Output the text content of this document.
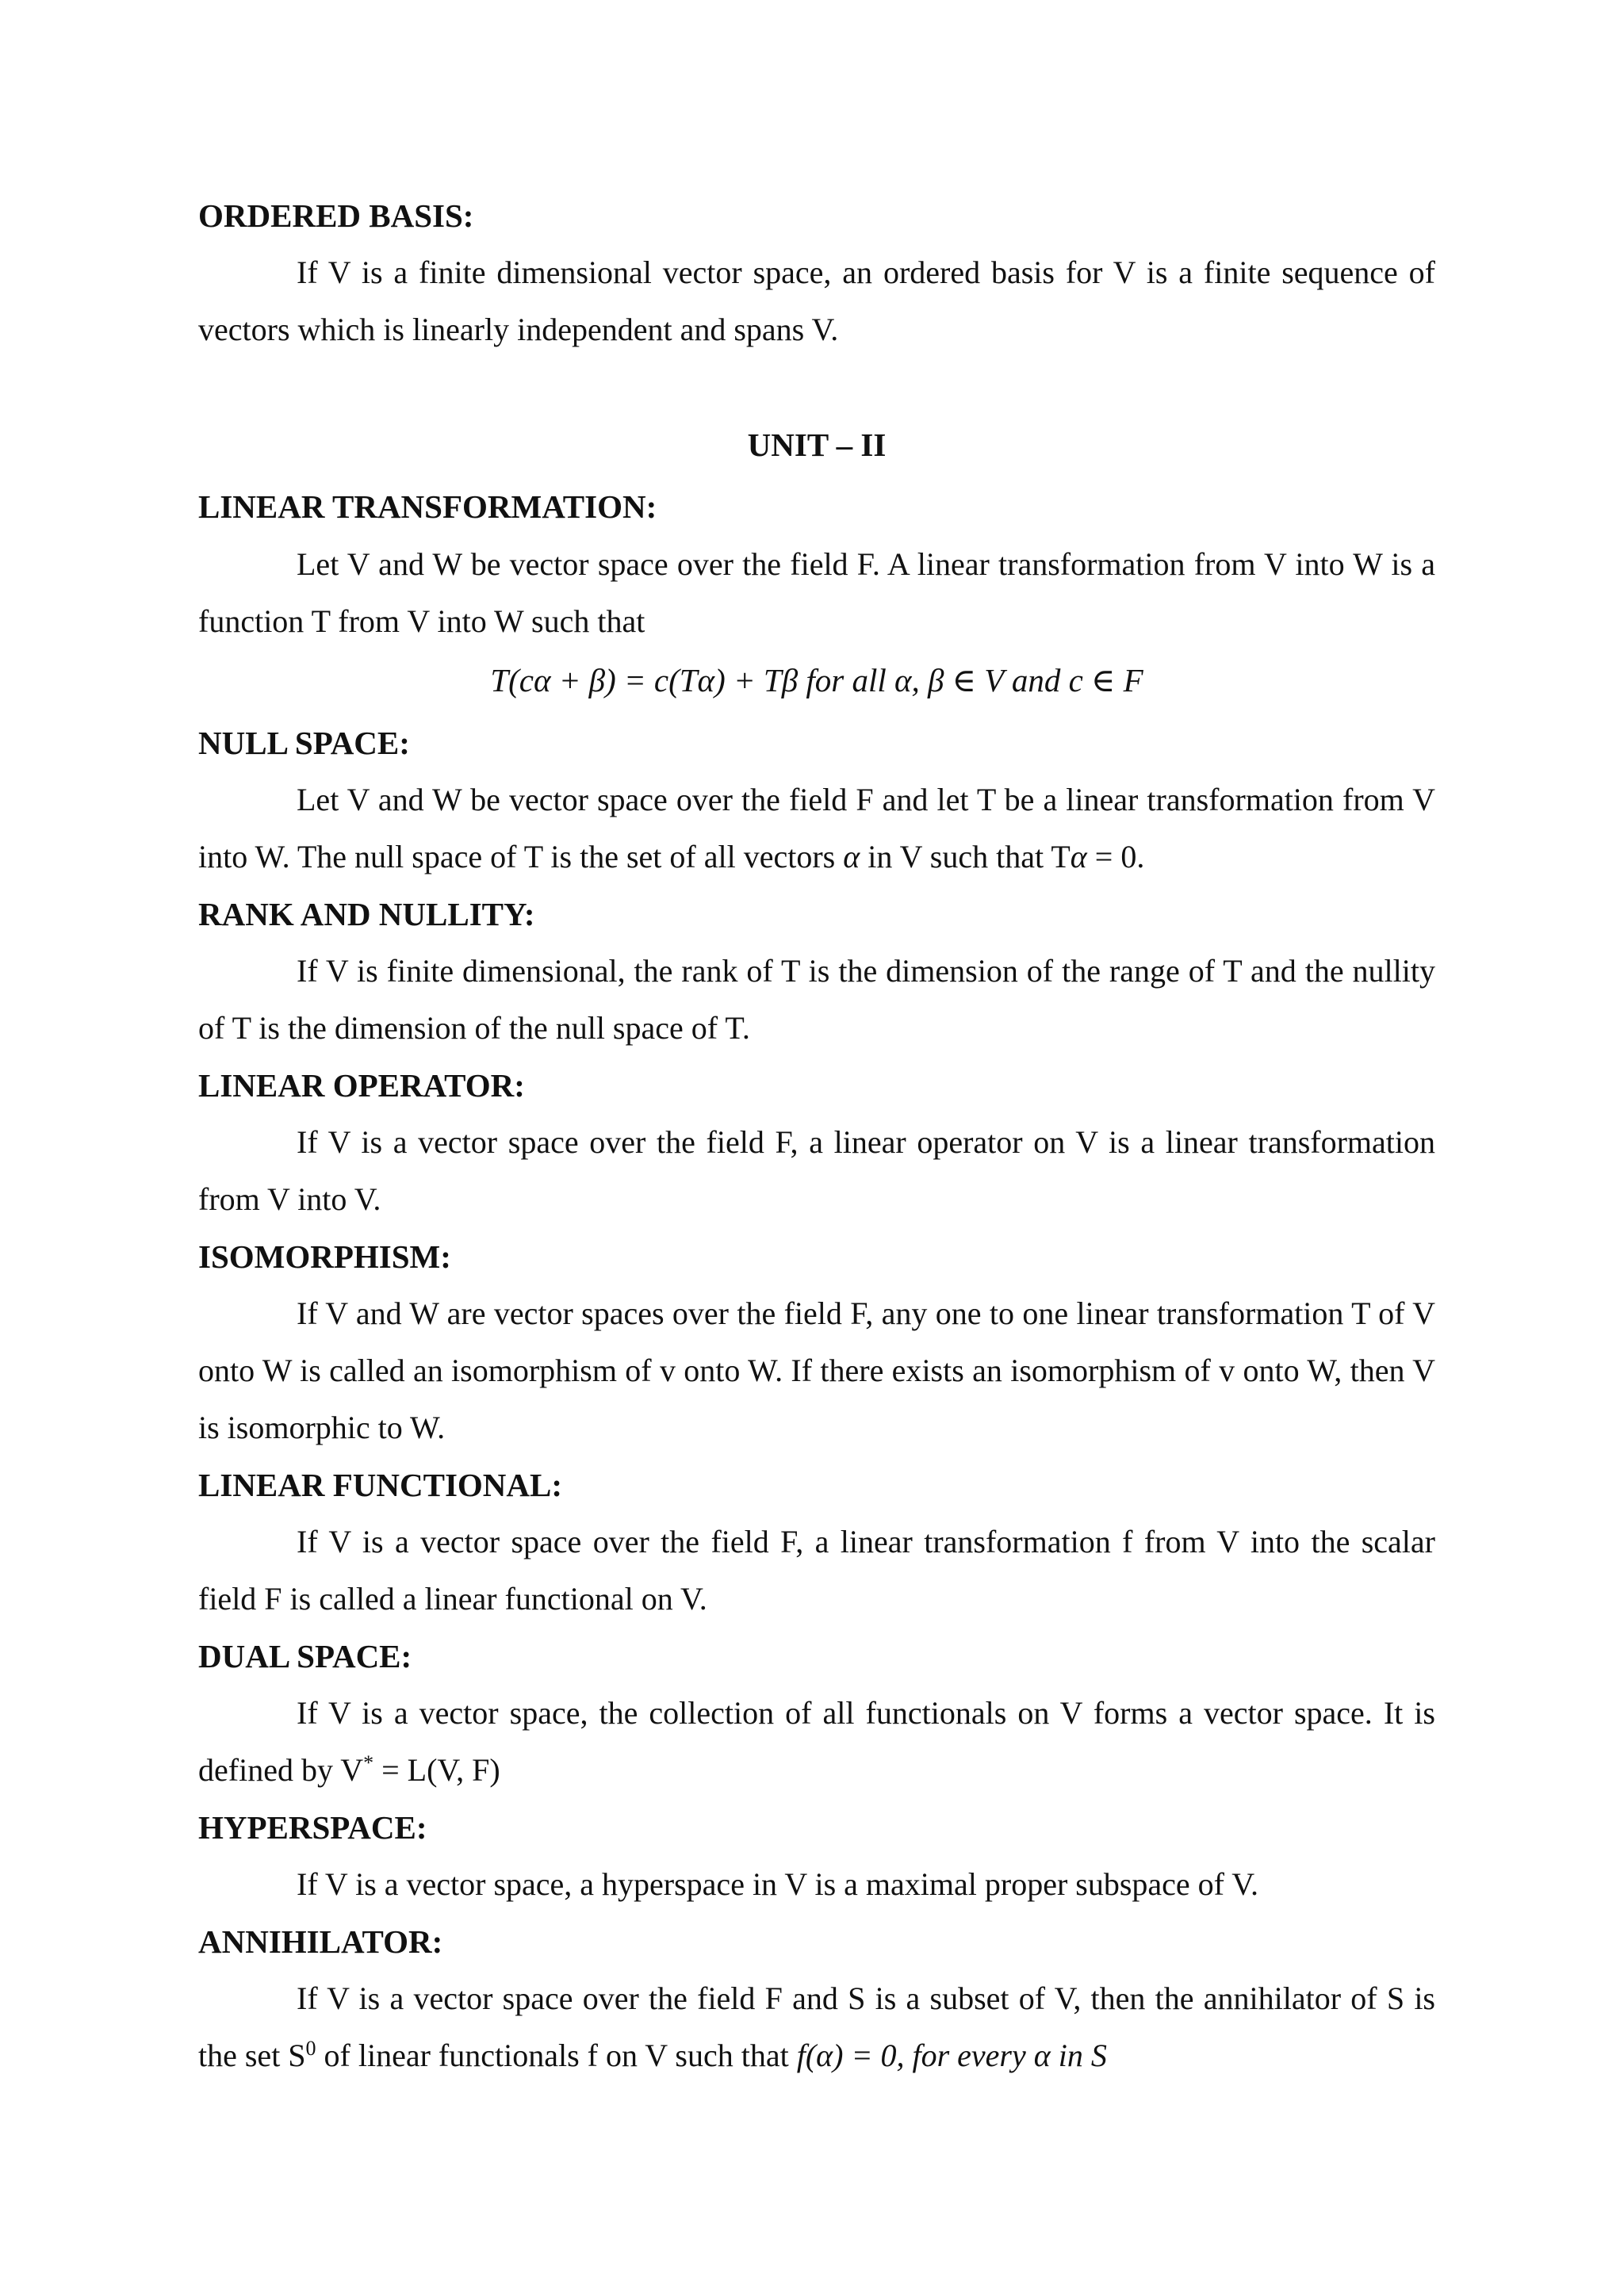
ORDERED BASIS:
If V is a finite dimensional vector space, an ordered basis for V is a finite sequence of vectors which is linearly independent and spans V.
UNIT – II
LINEAR TRANSFORMATION:
Let V and W be vector space over the field F. A linear transformation from V into W is a function T from V into W such that
T(cα + β) = c(Tα) + Tβ for all α, β ∈ V and c ∈ F
NULL SPACE:
Let V and W be vector space over the field F and let T be a linear transformation from V into W. The null space of T is the set of all vectors α in V such that Tα = 0.
RANK AND NULLITY:
If V is finite dimensional, the rank of T is the dimension of the range of T and the nullity of T is the dimension of the null space of T.
LINEAR OPERATOR:
If V is a vector space over the field F, a linear operator on V is a linear transformation from V into V.
ISOMORPHISM:
If V and W are vector spaces over the field F, any one to one linear transformation T of V onto W is called an isomorphism of v onto W. If there exists an isomorphism of v onto W, then V is isomorphic to W.
LINEAR FUNCTIONAL:
If V is a vector space over the field F, a linear transformation f from V into the scalar field F is called a linear functional on V.
DUAL SPACE:
If V is a vector space, the collection of all functionals on V forms a vector space. It is defined by V* = L(V, F)
HYPERSPACE:
If V is a vector space, a hyperspace in V is a maximal proper subspace of V.
ANNIHILATOR:
If V is a vector space over the field F and S is a subset of V, then the annihilator of S is the set $S^0$ of linear functionals f on V such that f(α) = 0, for every α in S
